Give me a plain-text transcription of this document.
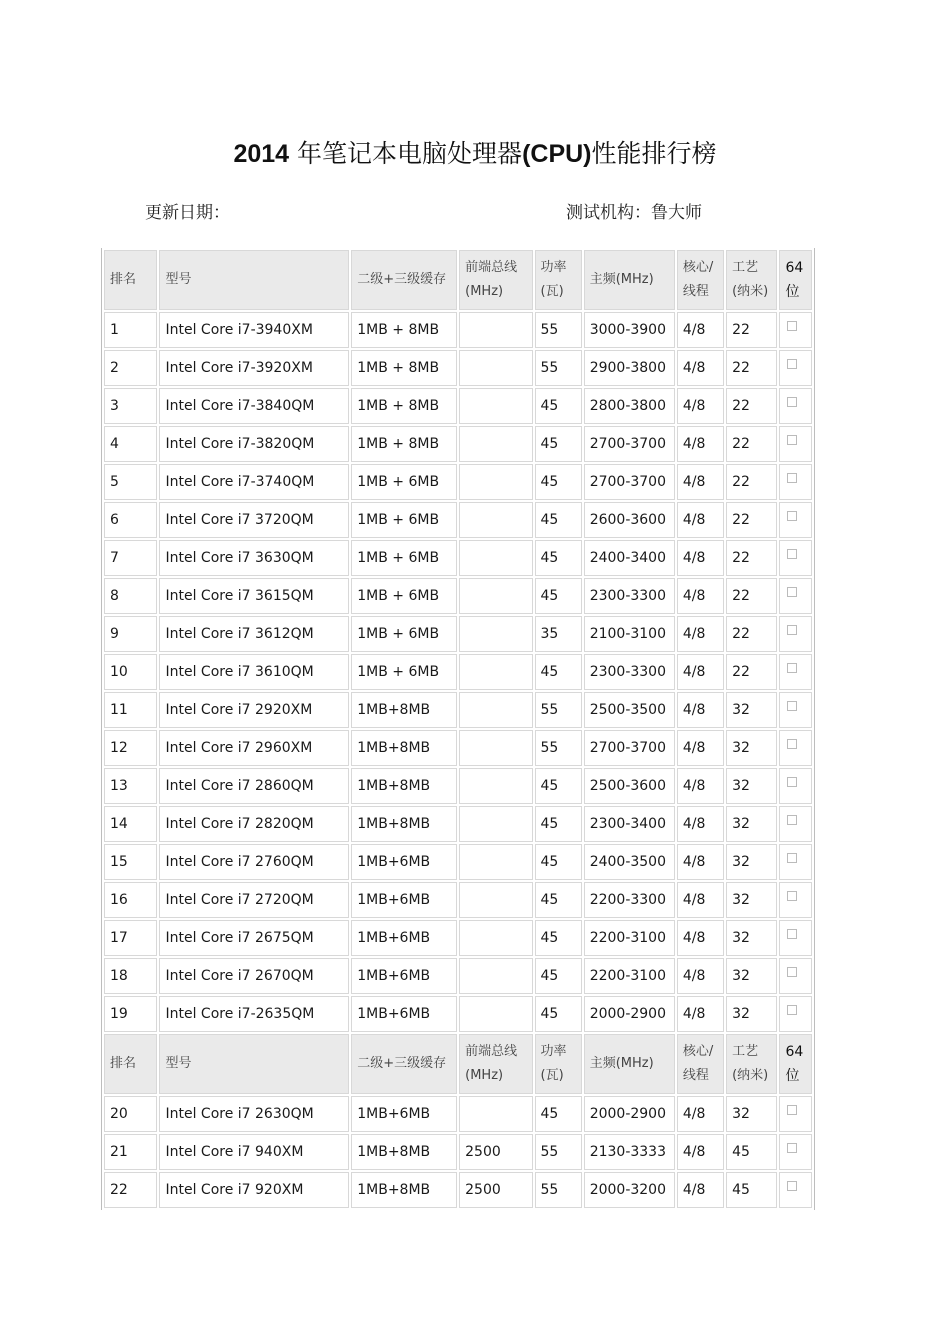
2014 年笔记本电脑处理器(CPU)性能排行榜
更新日期：	测试机构：鲁大师
排名	型号	二级+三级缓存	前端总线(MHz)	功率(瓦)	主频(MHz)	核心/线程	工艺(纳米)	64位
1	Intel Core i7-3940XM	1MB + 8MB		55	3000-3900	4/8	22	
2	Intel Core i7-3920XM	1MB + 8MB		55	2900-3800	4/8	22	
3	Intel Core i7-3840QM	1MB + 8MB		45	2800-3800	4/8	22	
4	Intel Core i7-3820QM	1MB + 8MB		45	2700-3700	4/8	22	
5	Intel Core i7-3740QM	1MB + 6MB		45	2700-3700	4/8	22	
6	Intel Core i7 3720QM	1MB + 6MB		45	2600-3600	4/8	22	
7	Intel Core i7 3630QM	1MB + 6MB		45	2400-3400	4/8	22	
8	Intel Core i7 3615QM	1MB + 6MB		45	2300-3300	4/8	22	
9	Intel Core i7 3612QM	1MB + 6MB		35	2100-3100	4/8	22	
10	Intel Core i7 3610QM	1MB + 6MB		45	2300-3300	4/8	22	
11	Intel Core i7 2920XM	1MB+8MB		55	2500-3500	4/8	32	
12	Intel Core i7 2960XM	1MB+8MB		55	2700-3700	4/8	32	
13	Intel Core i7 2860QM	1MB+8MB		45	2500-3600	4/8	32	
14	Intel Core i7 2820QM	1MB+8MB		45	2300-3400	4/8	32	
15	Intel Core i7 2760QM	1MB+6MB		45	2400-3500	4/8	32	
16	Intel Core i7 2720QM	1MB+6MB		45	2200-3300	4/8	32	
17	Intel Core i7 2675QM	1MB+6MB		45	2200-3100	4/8	32	
18	Intel Core i7 2670QM	1MB+6MB		45	2200-3100	4/8	32	
19	Intel Core i7-2635QM	1MB+6MB		45	2000-2900	4/8	32	
排名	型号	二级+三级缓存	前端总线(MHz)	功率(瓦)	主频(MHz)	核心/线程	工艺(纳米)	64位
20	Intel Core i7 2630QM	1MB+6MB		45	2000-2900	4/8	32	
21	Intel Core i7 940XM	1MB+8MB	2500	55	2130-3333	4/8	45	
22	Intel Core i7 920XM	1MB+8MB	2500	55	2000-3200	4/8	45	
